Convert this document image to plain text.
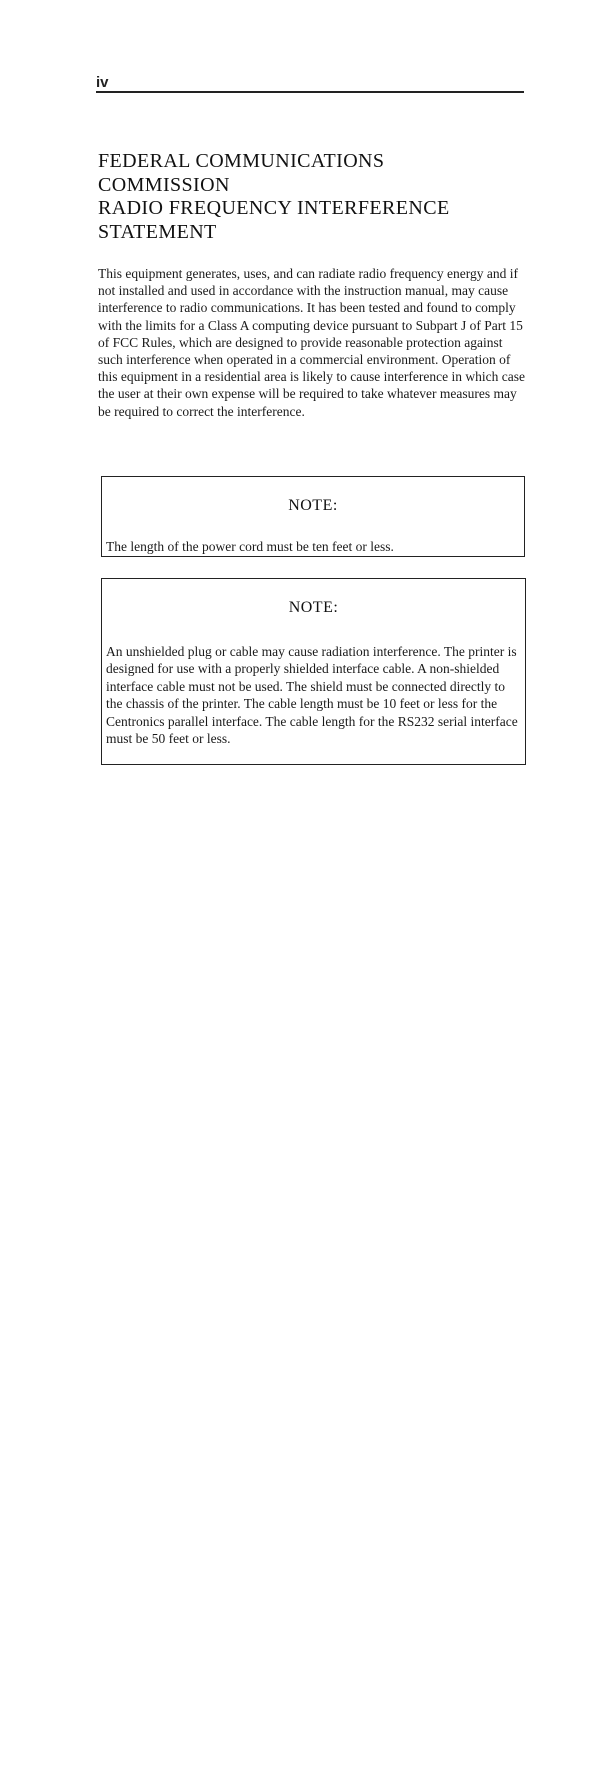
iv
FEDERAL COMMUNICATIONS
COMMISSION
RADIO FREQUENCY INTERFERENCE
STATEMENT

This equipment generates, uses, and can radiate radio frequency energy and if not installed and used in accordance with the instruction manual, may cause interference to radio communications. It has been tested and found to comply with the limits for a Class A computing device pursuant to Subpart J of Part 15 of FCC Rules, which are designed to provide reasonable protection against such interference when operated in a commercial environment. Operation of this equipment in a residential area is likely to cause interference in which case the user at their own expense will be required to take whatever measures may be required to correct the interference.

NOTE:

The length of the power cord must be ten feet or less.

NOTE:

An unshielded plug or cable may cause radiation interference. The printer is designed for use with a properly shielded interface cable. A non-shielded interface cable must not be used. The shield must be connected directly to the chassis of the printer. The cable length must be 10 feet or less for the Centronics parallel interface. The cable length for the RS232 serial interface must be 50 feet or less.
